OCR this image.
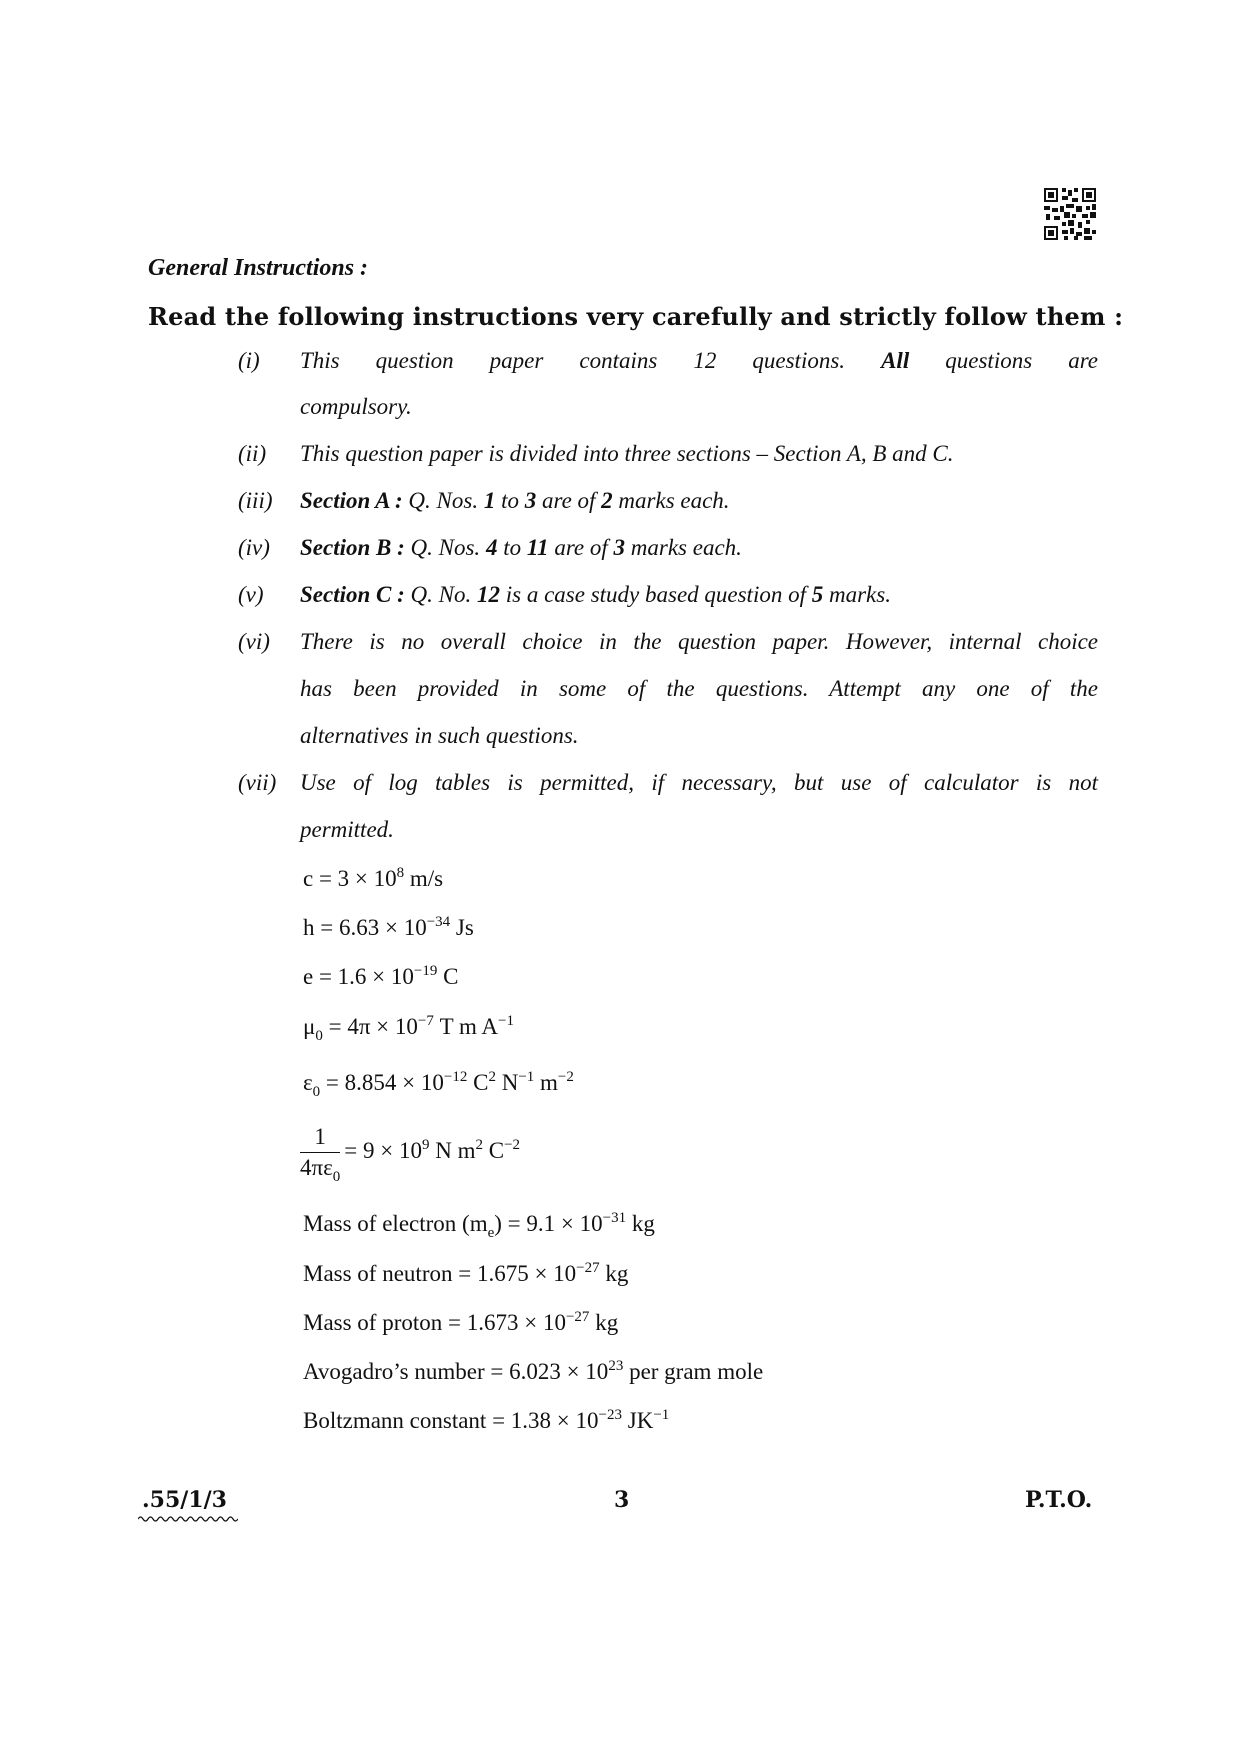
General Instructions :
Read the following instructions very carefully and strictly follow them :
(i) This question paper contains 12 questions. All questions are
compulsory.
(ii) This question paper is divided into three sections – Section A, B and C.
(iii) Section A : Q. Nos. 1 to 3 are of 2 marks each.
(iv) Section B : Q. Nos. 4 to 11 are of 3 marks each.
(v) Section C : Q. No. 12 is a case study based question of 5 marks.
(vi) There is no overall choice in the question paper. However, internal choice
has been provided in some of the questions. Attempt any one of the
alternatives in such questions.
(vii) Use of log tables is permitted, if necessary, but use of calculator is not
permitted.
$c = 3 \times 10^8$ m/s
$h = 6.63 \times 10^{-34}$ Js
$e = 1.6 \times 10^{-19}$ C
$\mu_0 = 4\pi \times 10^{-7}$ T m $A^{-1}$
$\varepsilon_0 = 8.854 \times 10^{-12}$ $C^2$ $N^{-1}$ $m^{-2}$
$\frac{1}{4\pi\varepsilon_0} = 9 \times 10^9$ N $m^2$ $C^{-2}$
Mass of electron $(m_e) = 9.1 \times 10^{-31}$ kg
Mass of neutron = $1.675 \times 10^{-27}$ kg
Mass of proton = $1.673 \times 10^{-27}$ kg
Avogadro’s number = $6.023 \times 10^{23}$ per gram mole
Boltzmann constant = $1.38 \times 10^{-23}$ $JK^{-1}$
.55/1/3	3	P.T.O.
